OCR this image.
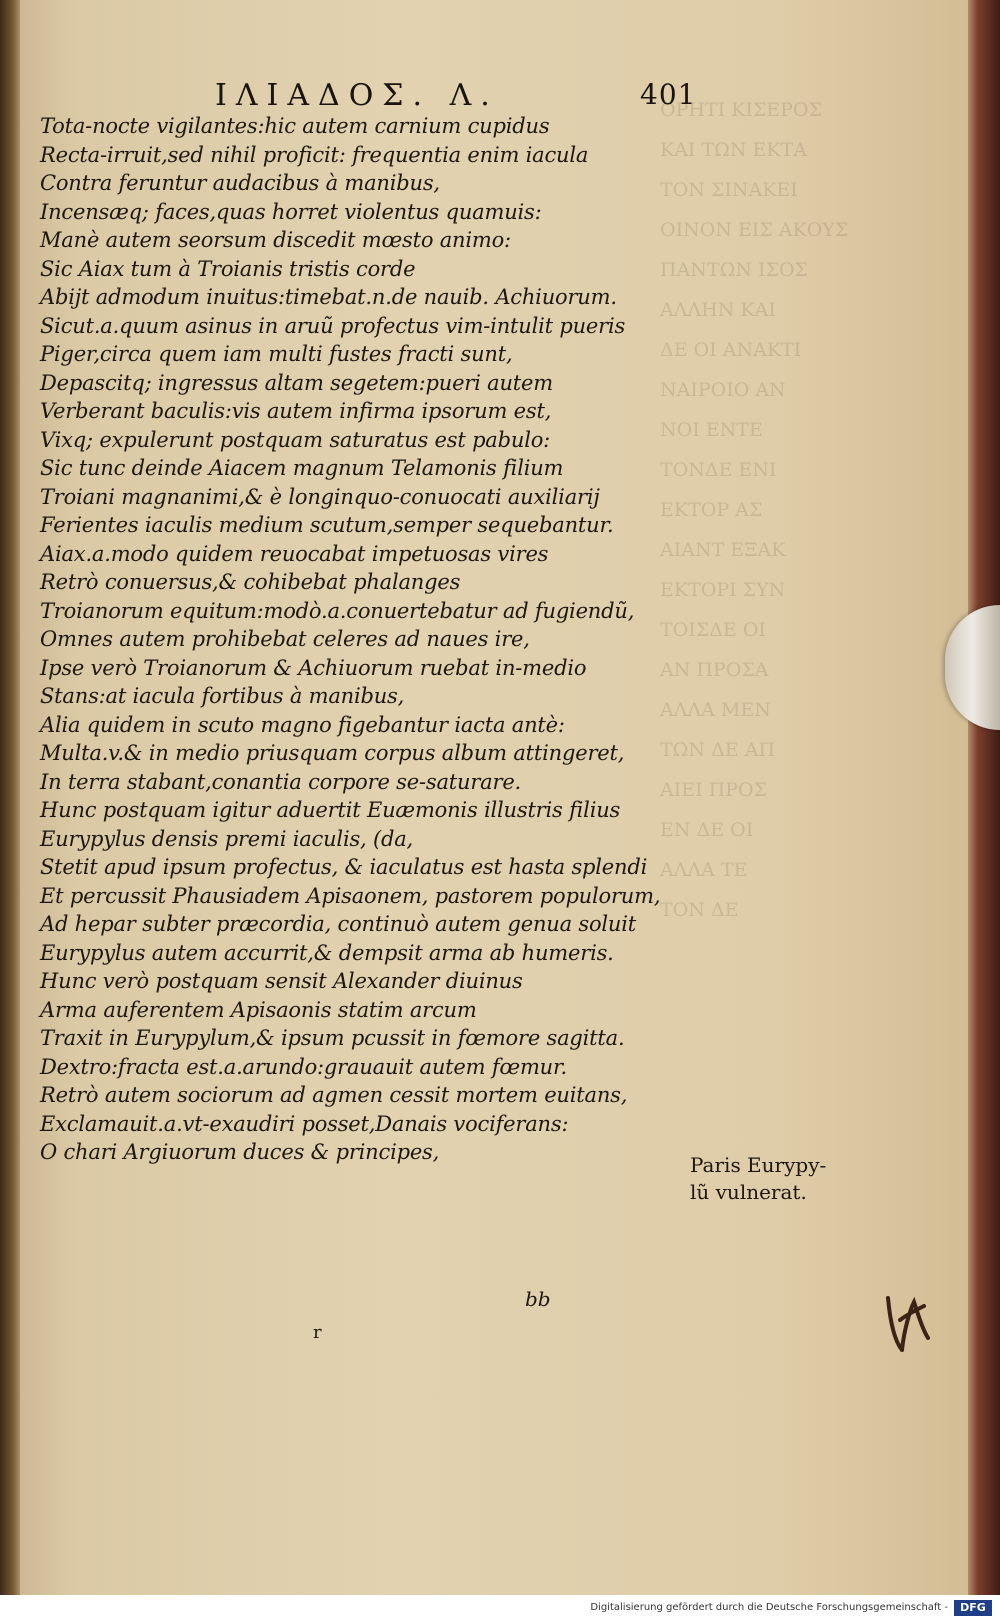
ΟΡΗΤΙ ΚΙΣΕΡΟΣ
ΚΑΙ ΤΩΝ ΕΚΤΑ
ΤΟΝ ΣΙΝΑΚΕΙ
ΟΙΝΟΝ ΕΙΣ ΑΚΟΥΣ
ΠΑΝΤΩΝ ΙΣΟΣ
ΑΛΛΗΝ ΚΑΙ
ΔΕ ΟΙ ΑΝΑΚΤΙ
ΝΑΙΡΟΙΟ ΑΝ
ΝΟΙ ΕΝΤΕ
ΤΟΝΔΕ ΕΝΙ
ΕΚΤΟΡ ΑΣ
ΑΙΑΝΤ ΕΞΑΚ
ΕΚΤΟΡΙ ΣΥΝ
ΤΟΙΣΔΕ ΟΙ
ΑΝ ΠΡΟΣΑ
ΑΛΛΑ ΜΕΝ
ΤΩΝ ΔΕ ΑΠ
ΑΙΕΙ ΠΡΟΣ
ΕΝ ΔΕ ΟΙ
ΑΛΛΑ ΤΕ
ΤΟΝ ΔΕ
ΙΛΙΑΔΟΣ. Λ.	401
Tota-nocte vigilantes:hic autem carnium cupidus
Recta-irruit,sed nihil proficit: frequentia enim iacula
Contra feruntur audacibus à manibus,
Incensæq; faces,quas horret violentus quamuis:
Manè autem seorsum discedit mœsto animo:
Sic Aiax tum à Troianis tristis corde
Abijt admodum inuitus:timebat.n.de nauib. Achiuorum.
Sicut.a.quum asinus in aruũ profectus vim-intulit pueris
Piger,circa quem iam multi fustes fracti sunt,
Depascitq; ingressus altam segetem:pueri autem
Verberant baculis:vis autem infirma ipsorum est,
Vixq; expulerunt postquam saturatus est pabulo:
Sic tunc deinde Aiacem magnum Telamonis filium
Troiani magnanimi,& è longinquo-conuocati auxiliarij
Ferientes iaculis medium scutum,semper sequebantur.
Aiax.a.modo quidem reuocabat impetuosas vires
Retrò conuersus,& cohibebat phalanges
Troianorum equitum:modò.a.conuertebatur ad fugiendũ,
Omnes autem prohibebat celeres ad naues ire,
Ipse verò Troianorum & Achiuorum ruebat in-medio
Stans:at iacula fortibus à manibus,
Alia quidem in scuto magno figebantur iacta antè:
Multa.v.& in medio priusquam corpus album attingeret,
In terra stabant,conantia corpore se-saturare.
Hunc postquam igitur aduertit Euæmonis illustris filius
Eurypylus densis premi iaculis, (da,
Stetit apud ipsum profectus, & iaculatus est hasta splendi
Et percussit Phausiadem Apisaonem, pastorem populorum,
Ad hepar subter præcordia, continuò autem genua soluit
Eurypylus autem accurrit,& dempsit arma ab humeris.
Hunc verò postquam sensit Alexander diuinus
Arma auferentem Apisaonis statim arcum
Traxit in Eurypylum,& ipsum pcussit in fœmore sagitta.
Dextro:fracta est.a.arundo:grauauit autem fœmur.
Retrò autem sociorum ad agmen cessit mortem euitans,
Exclamauit.a.vt-exaudiri posset,Danais vociferans:
O chari Argiuorum duces & principes,
Paris Eurypy-
lũ vulnerat.
bb
r
Digitalisierung gefördert durch die Deutsche Forschungsgemeinschaft -	DFG
